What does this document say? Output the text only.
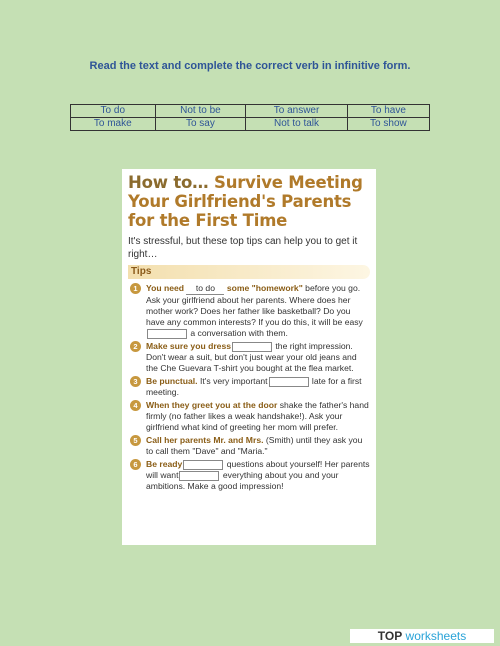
Read the text and complete the correct verb in infinitive form.
To do	Not to be	To answer	To have
To make	To say	Not to talk	To show
How to… Survive Meeting Your Girlfriend's Parents for the First Time

It's stressful, but these top tips can help you to get it right…

Tips
1 You need to do some "homework" before you go. Ask your girlfriend about her parents. Where does her mother work? Does her father like basketball? Do you have any common interests? If you do this, it will be easy  a conversation with them.
2 Make sure you dress	the right impression. Don't wear a suit, but don't just wear your old jeans and the Che Guevara T-shirt you bought at the flea market.
3 Be punctual. It's very important	late for a first meeting.
4 When they greet you at the door shake the father's hand firmly (no father likes a weak handshake!). Ask your girlfriend what kind of greeting her mom will prefer.
5 Call her parents Mr. and Mrs. (Smith) until they ask you to call them "Dave" and "Maria."
6 Be ready	questions about yourself! Her parents will want	everything about you and your ambitions. Make a good impression!
TOP worksheets
